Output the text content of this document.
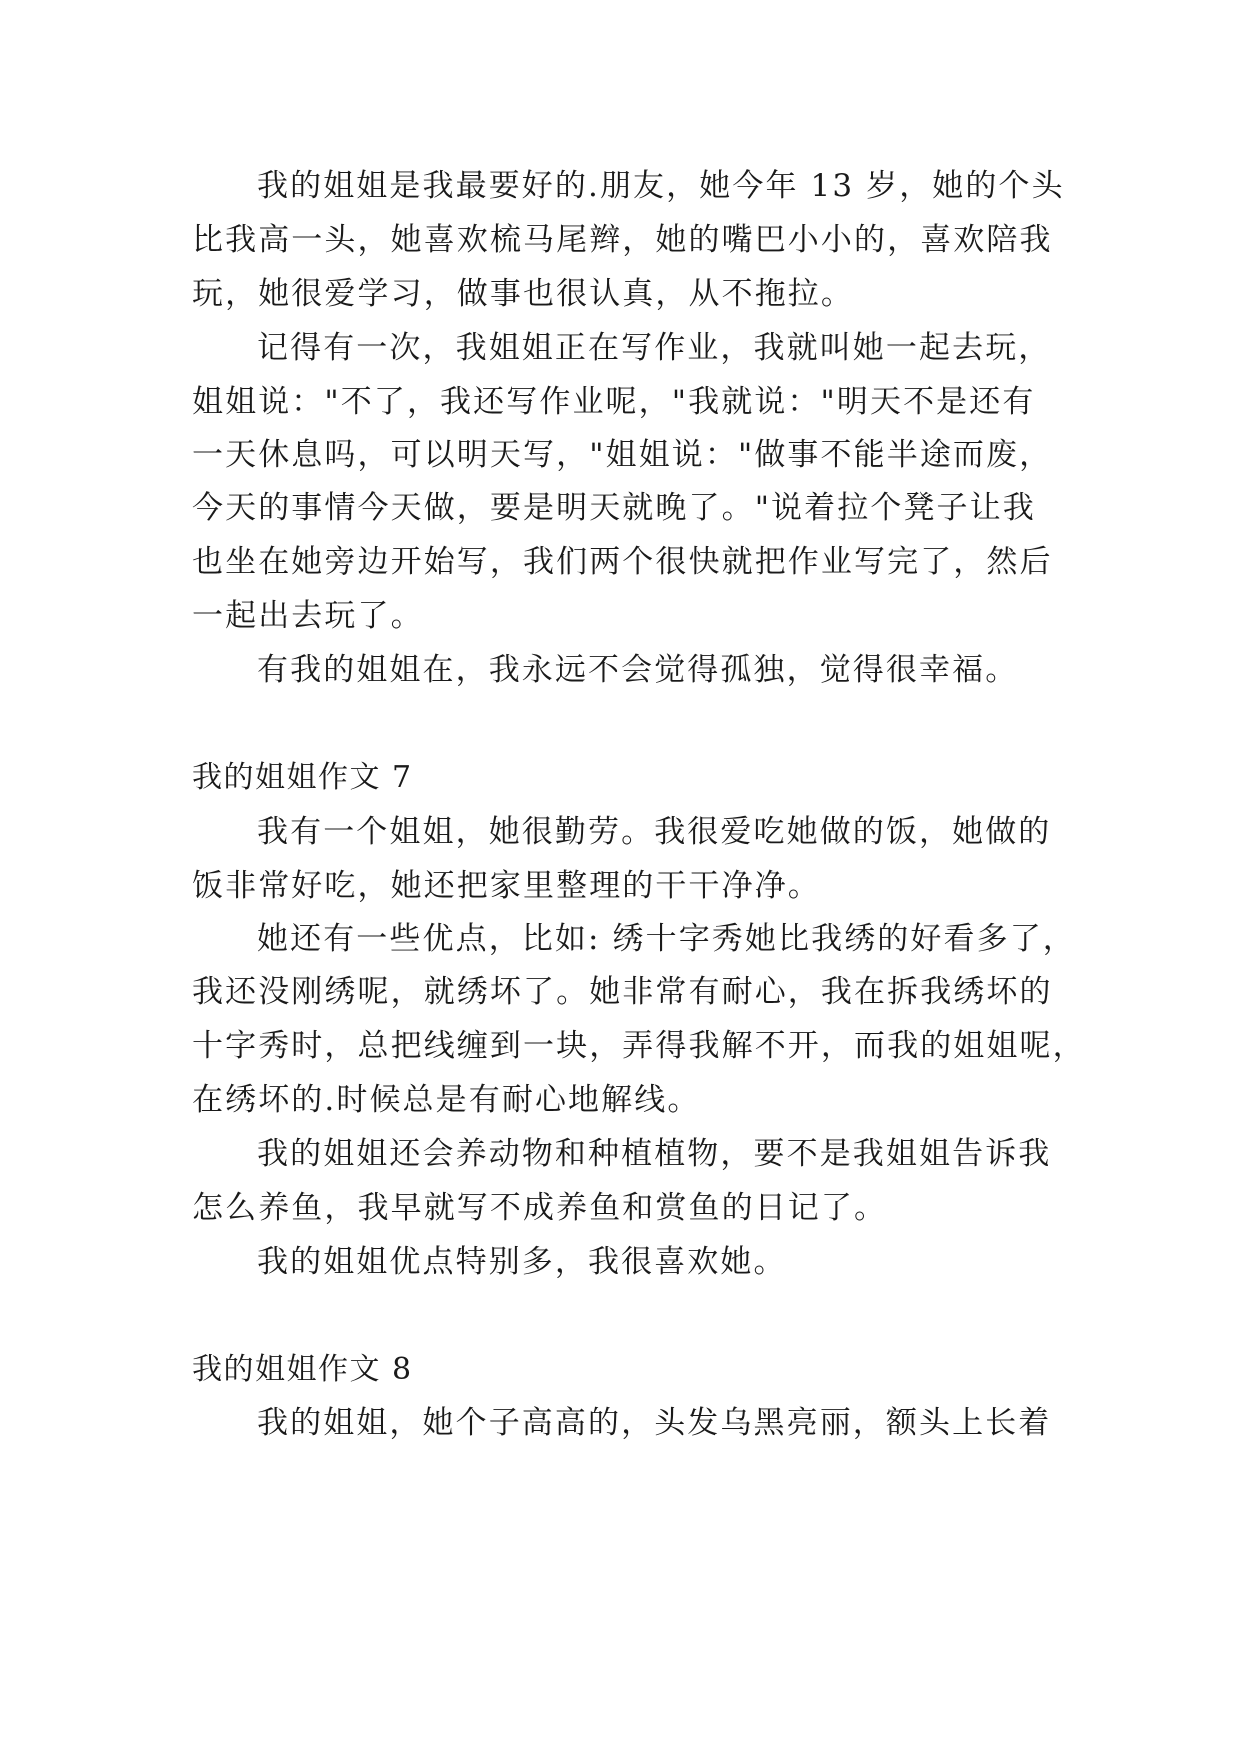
我的姐姐是我最要好的.朋友，她今年 13 岁，她的个头
比我高一头，她喜欢梳马尾辫，她的嘴巴小小的，喜欢陪我
玩，她很爱学习，做事也很认真，从不拖拉。
记得有一次，我姐姐正在写作业，我就叫她一起去玩，
姐姐说："不了，我还写作业呢，"我就说："明天不是还有
一天休息吗，可以明天写，"姐姐说："做事不能半途而废，
今天的事情今天做，要是明天就晚了。"说着拉个凳子让我
也坐在她旁边开始写，我们两个很快就把作业写完了，然后
一起出去玩了。
有我的姐姐在，我永远不会觉得孤独，觉得很幸福。
我的姐姐作文 7
我有一个姐姐，她很勤劳。我很爱吃她做的饭，她做的
饭非常好吃，她还把家里整理的干干净净。
她还有一些优点，比如: 绣十字秀她比我绣的好看多了，
我还没刚绣呢，就绣坏了。她非常有耐心，我在拆我绣坏的
十字秀时，总把线缠到一块，弄得我解不开，而我的姐姐呢，
在绣坏的.时候总是有耐心地解线。
我的姐姐还会养动物和种植植物，要不是我姐姐告诉我
怎么养鱼，我早就写不成养鱼和赏鱼的日记了。
我的姐姐优点特别多，我很喜欢她。
我的姐姐作文 8
我的姐姐，她个子高高的，头发乌黑亮丽，额头上长着
